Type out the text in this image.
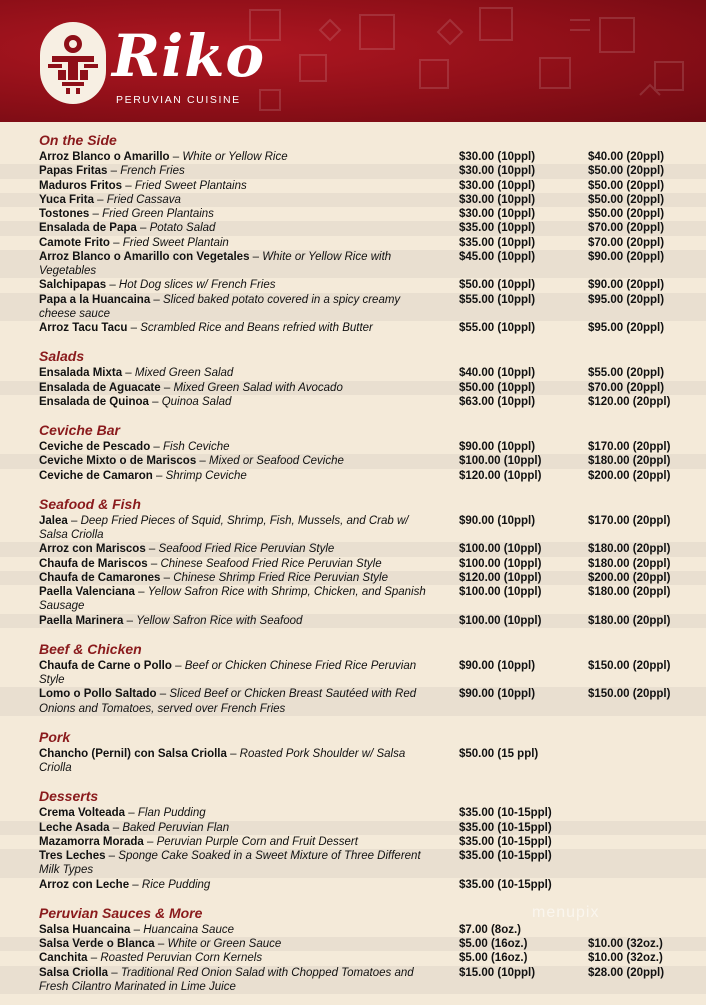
Riko
PERUVIAN CUISINE
On the Side
Arroz Blanco o Amarillo – White or Yellow Rice	$30.00 (10ppl)	$40.00 (20ppl)
Papas Fritas – French Fries	$30.00 (10ppl)	$50.00 (20ppl)
Maduros Fritos – Fried Sweet Plantains	$30.00 (10ppl)	$50.00 (20ppl)
Yuca Frita – Fried Cassava	$30.00 (10ppl)	$50.00 (20ppl)
Tostones – Fried Green Plantains	$30.00 (10ppl)	$50.00 (20ppl)
Ensalada de Papa – Potato Salad	$35.00 (10ppl)	$70.00 (20ppl)
Camote Frito – Fried Sweet Plantain	$35.00 (10ppl)	$70.00 (20ppl)
Arroz Blanco o Amarillo con Vegetales – White or Yellow Rice with Vegetables
$45.00 (10ppl)	$90.00 (20ppl)
Salchipapas – Hot Dog slices w/ French Fries	$50.00 (10ppl)	$90.00 (20ppl)
Papa a la Huancaina – Sliced baked potato covered in a spicy creamy cheese sauce
$55.00 (10ppl)	$95.00 (20ppl)
Arroz Tacu Tacu – Scrambled Rice and Beans refried with Butter	$55.00 (10ppl)	$95.00 (20ppl)
Salads
Ensalada Mixta – Mixed Green Salad	$40.00 (10ppl)	$55.00 (20ppl)
Ensalada de Aguacate – Mixed Green Salad with Avocado	$50.00 (10ppl)	$70.00 (20ppl)
Ensalada de Quinoa – Quinoa Salad	$63.00 (10ppl)	$120.00 (20ppl)
Ceviche Bar
Ceviche de Pescado – Fish Ceviche	$90.00 (10ppl)	$170.00 (20ppl)
Ceviche Mixto o de Mariscos – Mixed or Seafood Ceviche	$100.00 (10ppl)	$180.00 (20ppl)
Ceviche de Camaron – Shrimp Ceviche	$120.00 (10ppl)	$200.00 (20ppl)
Seafood & Fish
Jalea – Deep Fried Pieces of Squid, Shrimp, Fish, Mussels, and Crab w/ Salsa Criolla
$90.00 (10ppl)	$170.00 (20ppl)
Arroz con Mariscos – Seafood Fried Rice Peruvian Style	$100.00 (10ppl)	$180.00 (20ppl)
Chaufa de Mariscos – Chinese Seafood Fried Rice Peruvian Style	$100.00 (10ppl)	$180.00 (20ppl)
Chaufa de Camarones – Chinese Shrimp Fried Rice Peruvian Style	$120.00 (10ppl)	$200.00 (20ppl)
Paella Valenciana – Yellow Safron Rice with Shrimp, Chicken, and Spanish Sausage
$100.00 (10ppl)	$180.00 (20ppl)
Paella Marinera – Yellow Safron Rice with Seafood	$100.00 (10ppl)	$180.00 (20ppl)
Beef & Chicken
Chaufa de Carne o Pollo – Beef or Chicken Chinese Fried Rice Peruvian Style
$90.00 (10ppl)	$150.00 (20ppl)
Lomo o Pollo Saltado – Sliced Beef or Chicken Breast Sautéed with Red Onions and Tomatoes, served over French Fries
$90.00 (10ppl)	$150.00 (20ppl)
Pork
Chancho (Pernil) con Salsa Criolla – Roasted Pork Shoulder w/ Salsa Criolla
$50.00 (15 ppl)
Desserts
Crema Volteada – Flan Pudding	$35.00 (10-15ppl)
Leche Asada – Baked Peruvian Flan	$35.00 (10-15ppl)
Mazamorra Morada – Peruvian Purple Corn and Fruit Dessert	$35.00 (10-15ppl)
Tres Leches – Sponge Cake Soaked in a Sweet Mixture of Three Different Milk Types
$35.00 (10-15ppl)
Arroz con Leche – Rice Pudding	$35.00 (10-15ppl)
Peruvian Sauces & More
Salsa Huancaina – Huancaina Sauce	$7.00 (8oz.)
Salsa Verde o Blanca – White or Green Sauce	$5.00 (16oz.)	$10.00 (32oz.)
Canchita – Roasted Peruvian Corn Kernels	$5.00 (16oz.)	$10.00 (32oz.)
Salsa Criolla – Traditional Red Onion Salad with Chopped Tomatoes and Fresh Cilantro Marinated in Lime Juice
$15.00 (10ppl)	$28.00 (20ppl)
menupix
